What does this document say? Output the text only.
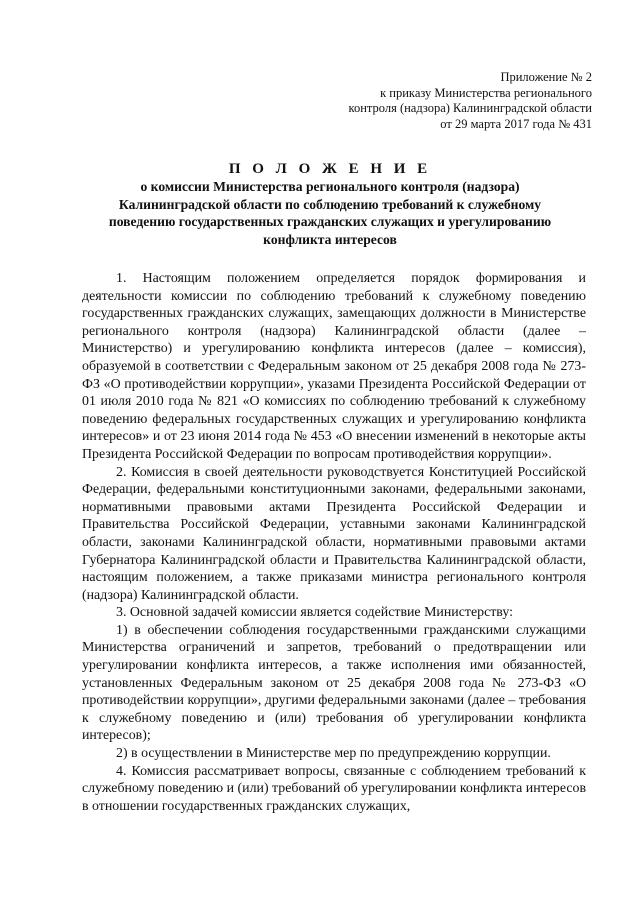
Приложение № 2
к приказу Министерства регионального
контроля (надзора) Калининградской области
от 29 марта 2017 года № 431
П О Л О Ж Е Н И Е
о комиссии Министерства регионального контроля (надзора)
Калининградской области по соблюдению требований к служебному
поведению государственных гражданских служащих и урегулированию
конфликта интересов

1. Настоящим положением определяется порядок формирования и деятельности комиссии по соблюдению требований к служебному поведению государственных гражданских служащих, замещающих должности в Министерстве регионального контроля (надзора) Калининградской области (далее – Министерство) и урегулированию конфликта интересов (далее – комиссия), образуемой в соответствии с Федеральным законом от 25 декабря 2008 года № 273-ФЗ «О противодействии коррупции», указами Президента Российской Федерации от 01 июля 2010 года № 821 «О комиссиях по соблюдению требований к служебному поведению федеральных государственных служащих и урегулированию конфликта интересов» и от 23 июня 2014 года № 453 «О внесении изменений в некоторые акты Президента Российской Федерации по вопросам противодействия коррупции».

2. Комиссия в своей деятельности руководствуется Конституцией Российской Федерации, федеральными конституционными законами, федеральными законами, нормативными правовыми актами Президента Российской Федерации и Правительства Российской Федерации, уставными законами Калининградской области, законами Калининградской области, нормативными правовыми актами Губернатора Калининградской области и Правительства Калининградской области, настоящим положением, а также приказами министра регионального контроля (надзора) Калининградской области.

3. Основной задачей комиссии является содействие Министерству:

1) в обеспечении соблюдения государственными гражданскими служащими Министерства ограничений и запретов, требований о предотвращении или урегулировании конфликта интересов, а также исполнения ими обязанностей, установленных Федеральным законом от 25 декабря 2008 года № 273-ФЗ «О противодействии коррупции», другими федеральными законами (далее – требования к служебному поведению и (или) требования об урегулировании конфликта интересов);

2) в осуществлении в Министерстве мер по предупреждению коррупции.

4. Комиссия рассматривает вопросы, связанные с соблюдением требований к служебному поведению и (или) требований об урегулировании конфликта интересов в отношении государственных гражданских служащих,
